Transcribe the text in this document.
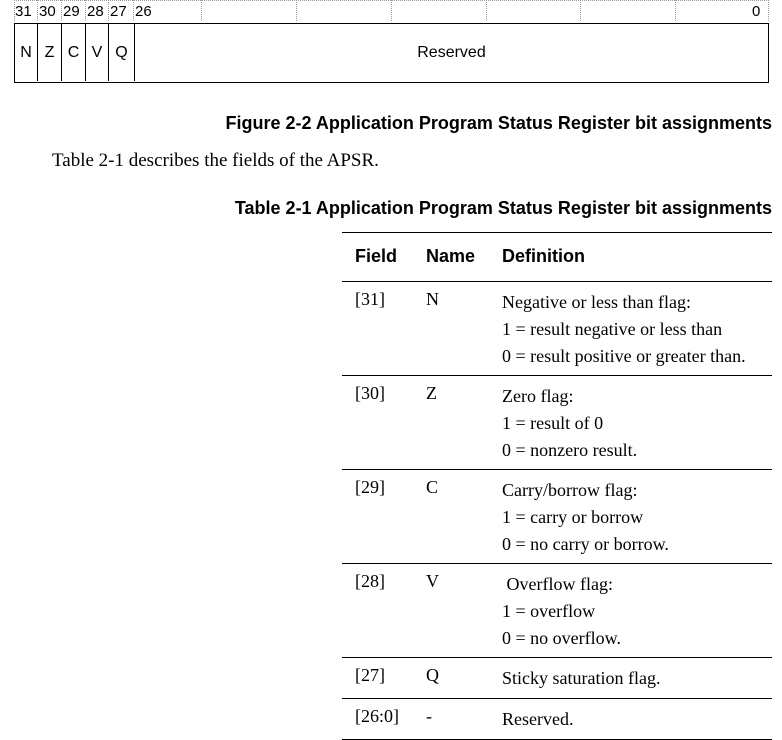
31 30 29 28 27 26	0
N Z C V Q	Reserved
Figure 2-2 Application Program Status Register bit assignments
Table 2-1 describes the fields of the APSR.
Table 2-1 Application Program Status Register bit assignments
Field Name Definition
[31] N	Negative or less than flag:
1 = result negative or less than
0 = result positive or greater than.
[30] Z	Zero flag:
1 = result of 0
0 = nonzero result.
[29] C	Carry/borrow flag:
1 = carry or borrow
0 = no carry or borrow.
[28] V	Overflow flag:
1 = overflow
0 = no overflow.
[27] Q	Sticky saturation flag.
[26:0] -	Reserved.
